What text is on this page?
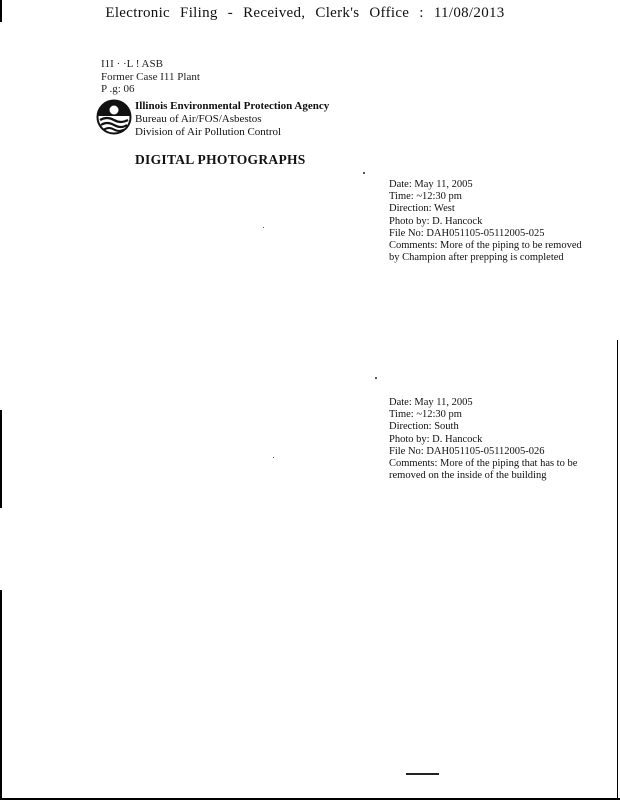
Electronic Filing - Received, Clerk's Office : 11/08/2013
I1I · ·L ! ASB
Former Case I11 Plant
P .g: 06
Illinois Environmental Protection Agency
Bureau of Air/FOS/Asbestos
Division of Air Pollution Control
DIGITAL PHOTOGRAPHS
Date: May 11, 2005
Time: ~12:30 pm
Direction: West
Photo by: D. Hancock
File No: DAH051105-05112005-025
Comments: More of the piping to be removed
by Champion after prepping is completed
Date: May 11, 2005
Time: ~12:30 pm
Direction: South
Photo by: D. Hancock
File No: DAH051105-05112005-026
Comments: More of the piping that has to be
removed on the inside of the building
